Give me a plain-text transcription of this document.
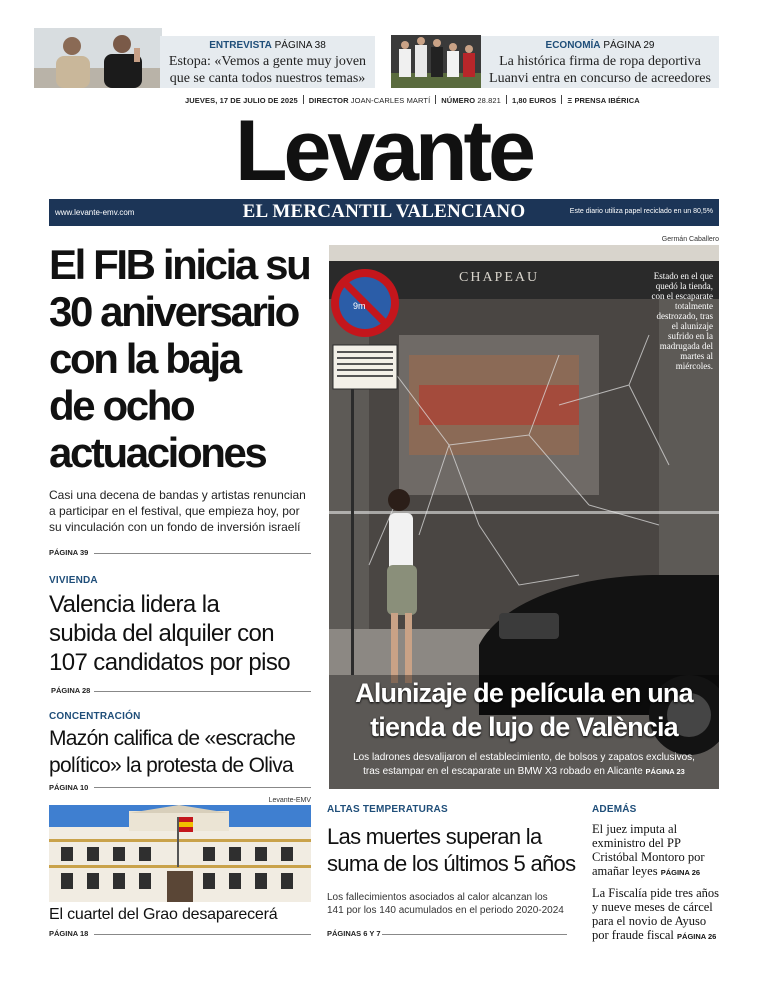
ENTREVISTA PÁGINA 38
Estopa: «Vemos a gente muy joven
que se canta todos nuestros temas»
ECONOMÍA PÁGINA 29
La histórica firma de ropa deportiva
Luanvi entra en concurso de acreedores
JUEVES, 17 DE JULIO DE 2025 DIRECTOR JOAN-CARLES MARTÍ NÚMERO 28.821 1,80 EUROS Ξ PRENSA IBÉRICA
Levante
www.levante-emv.com	EL MERCANTIL VALENCIANO	Este diario utiliza papel reciclado en un 80,5%
El FIB inicia su
30 aniversario
con la baja
de ocho
actuaciones
Casi una decena de bandas y artistas renuncian
a participar en el festival, que empieza hoy, por
su vinculación con un fondo de inversión israelí
PÁGINA 39
VIVIENDA
Valencia lidera la
subida del alquiler con
107 candidatos por piso
PÁGINA 28
CONCENTRACIÓN
Mazón califica de «escrache
político» la protesta de Oliva
PÁGINA 10
Levante-EMV
El cuartel del Grao desaparecerá
PÁGINA 18
Germán Caballero
CHAPEAU
9m
Estado en el que
quedó la tienda,
con el escaparate
totalmente
destrozado, tras
el alunizaje
sufrido en la
madrugada del
martes al
miércoles.
Alunizaje de película en una
tienda de lujo de València
Los ladrones desvalijaron el establecimiento, de bolsos y zapatos exclusivos,
tras estampar en el escaparate un BMW X3 robado en Alicante PÁGINA 23
ALTAS TEMPERATURAS
Las muertes superan la
suma de los últimos 5 años
Los fallecimientos asociados al calor alcanzan los
141 por los 140 acumulados en el periodo 2020-2024
PÁGINAS 6 Y 7
ADEMÁS
El juez imputa al
exministro del PP
Cristóbal Montoro por
amañar leyes PÁGINA 26
La Fiscalía pide tres años
y nueve meses de cárcel
para el novio de Ayuso
por fraude fiscal PÁGINA 26
